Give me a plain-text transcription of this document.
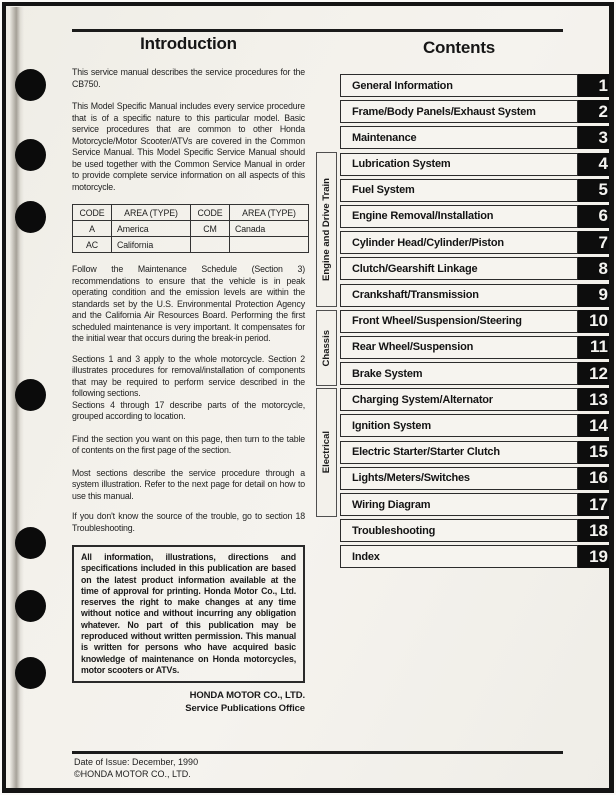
Introduction

This service manual describes the service procedures for the CB750.

This Model Specific Manual includes every service procedure that is of a specific nature to this particular model. Basic service procedures that are common to other Honda Motorcycle/Motor Scooter/ATVs are covered in the Common Service Manual. This Model Specific Service Manual should be used together with the Common Service Manual in order to provide complete service information on all aspects of this motorcycle.

CODE	AREA (TYPE)	CODE	AREA (TYPE)
A	America	CM	Canada
AC	California		

Follow the Maintenance Schedule (Section 3) recommendations to ensure that the vehicle is in peak operating condition and the emission levels are within the standards set by the U.S. Environmental Protection Agency and the California Air Resources Board. Performing the first scheduled maintenance is very important. It compensates for the initial wear that occurs during the break-in period.

Sections 1 and 3 apply to the whole motorcycle. Section 2 illustrates procedures for removal/installation of components that may be required to perform service described in the following sections.

Sections 4 through 17 describe parts of the motorcycle, grouped according to location.

Find the section you want on this page, then turn to the table of contents on the first page of the section.

Most sections describe the service procedure through a system illustration. Refer to the next page for detail on how to use this manual.

If you don't know the source of the trouble, go to section 18 Troubleshooting.

All information, illustrations, directions and specifications included in this publication are based on the latest product information available at the time of approval for printing. Honda Motor Co., Ltd. reserves the right to make changes at any time without notice and without incurring any obligation whatever. No part of this publication may be reproduced without written permission. This manual is written for persons who have acquired basic knowledge of maintenance on Honda motorcycles, motor scooters or ATVs.
HONDA MOTOR CO., LTD.
Service Publications Office
Contents
General Information	1
Frame/Body Panels/Exhaust System	2
Maintenance	3
Lubrication System	4
Fuel System	5
Engine Removal/Installation	6
Cylinder Head/Cylinder/Piston	7
Clutch/Gearshift Linkage	8
Crankshaft/Transmission	9
Front Wheel/Suspension/Steering	10
Rear Wheel/Suspension	11
Brake System	12
Charging System/Alternator	13
Ignition System	14
Electric Starter/Starter Clutch	15
Lights/Meters/Switches	16
Wiring Diagram	17
Troubleshooting	18
Index	19
Engine and Drive Train
Chassis
Electrical
Date of Issue: December, 1990
©HONDA MOTOR CO., LTD.
